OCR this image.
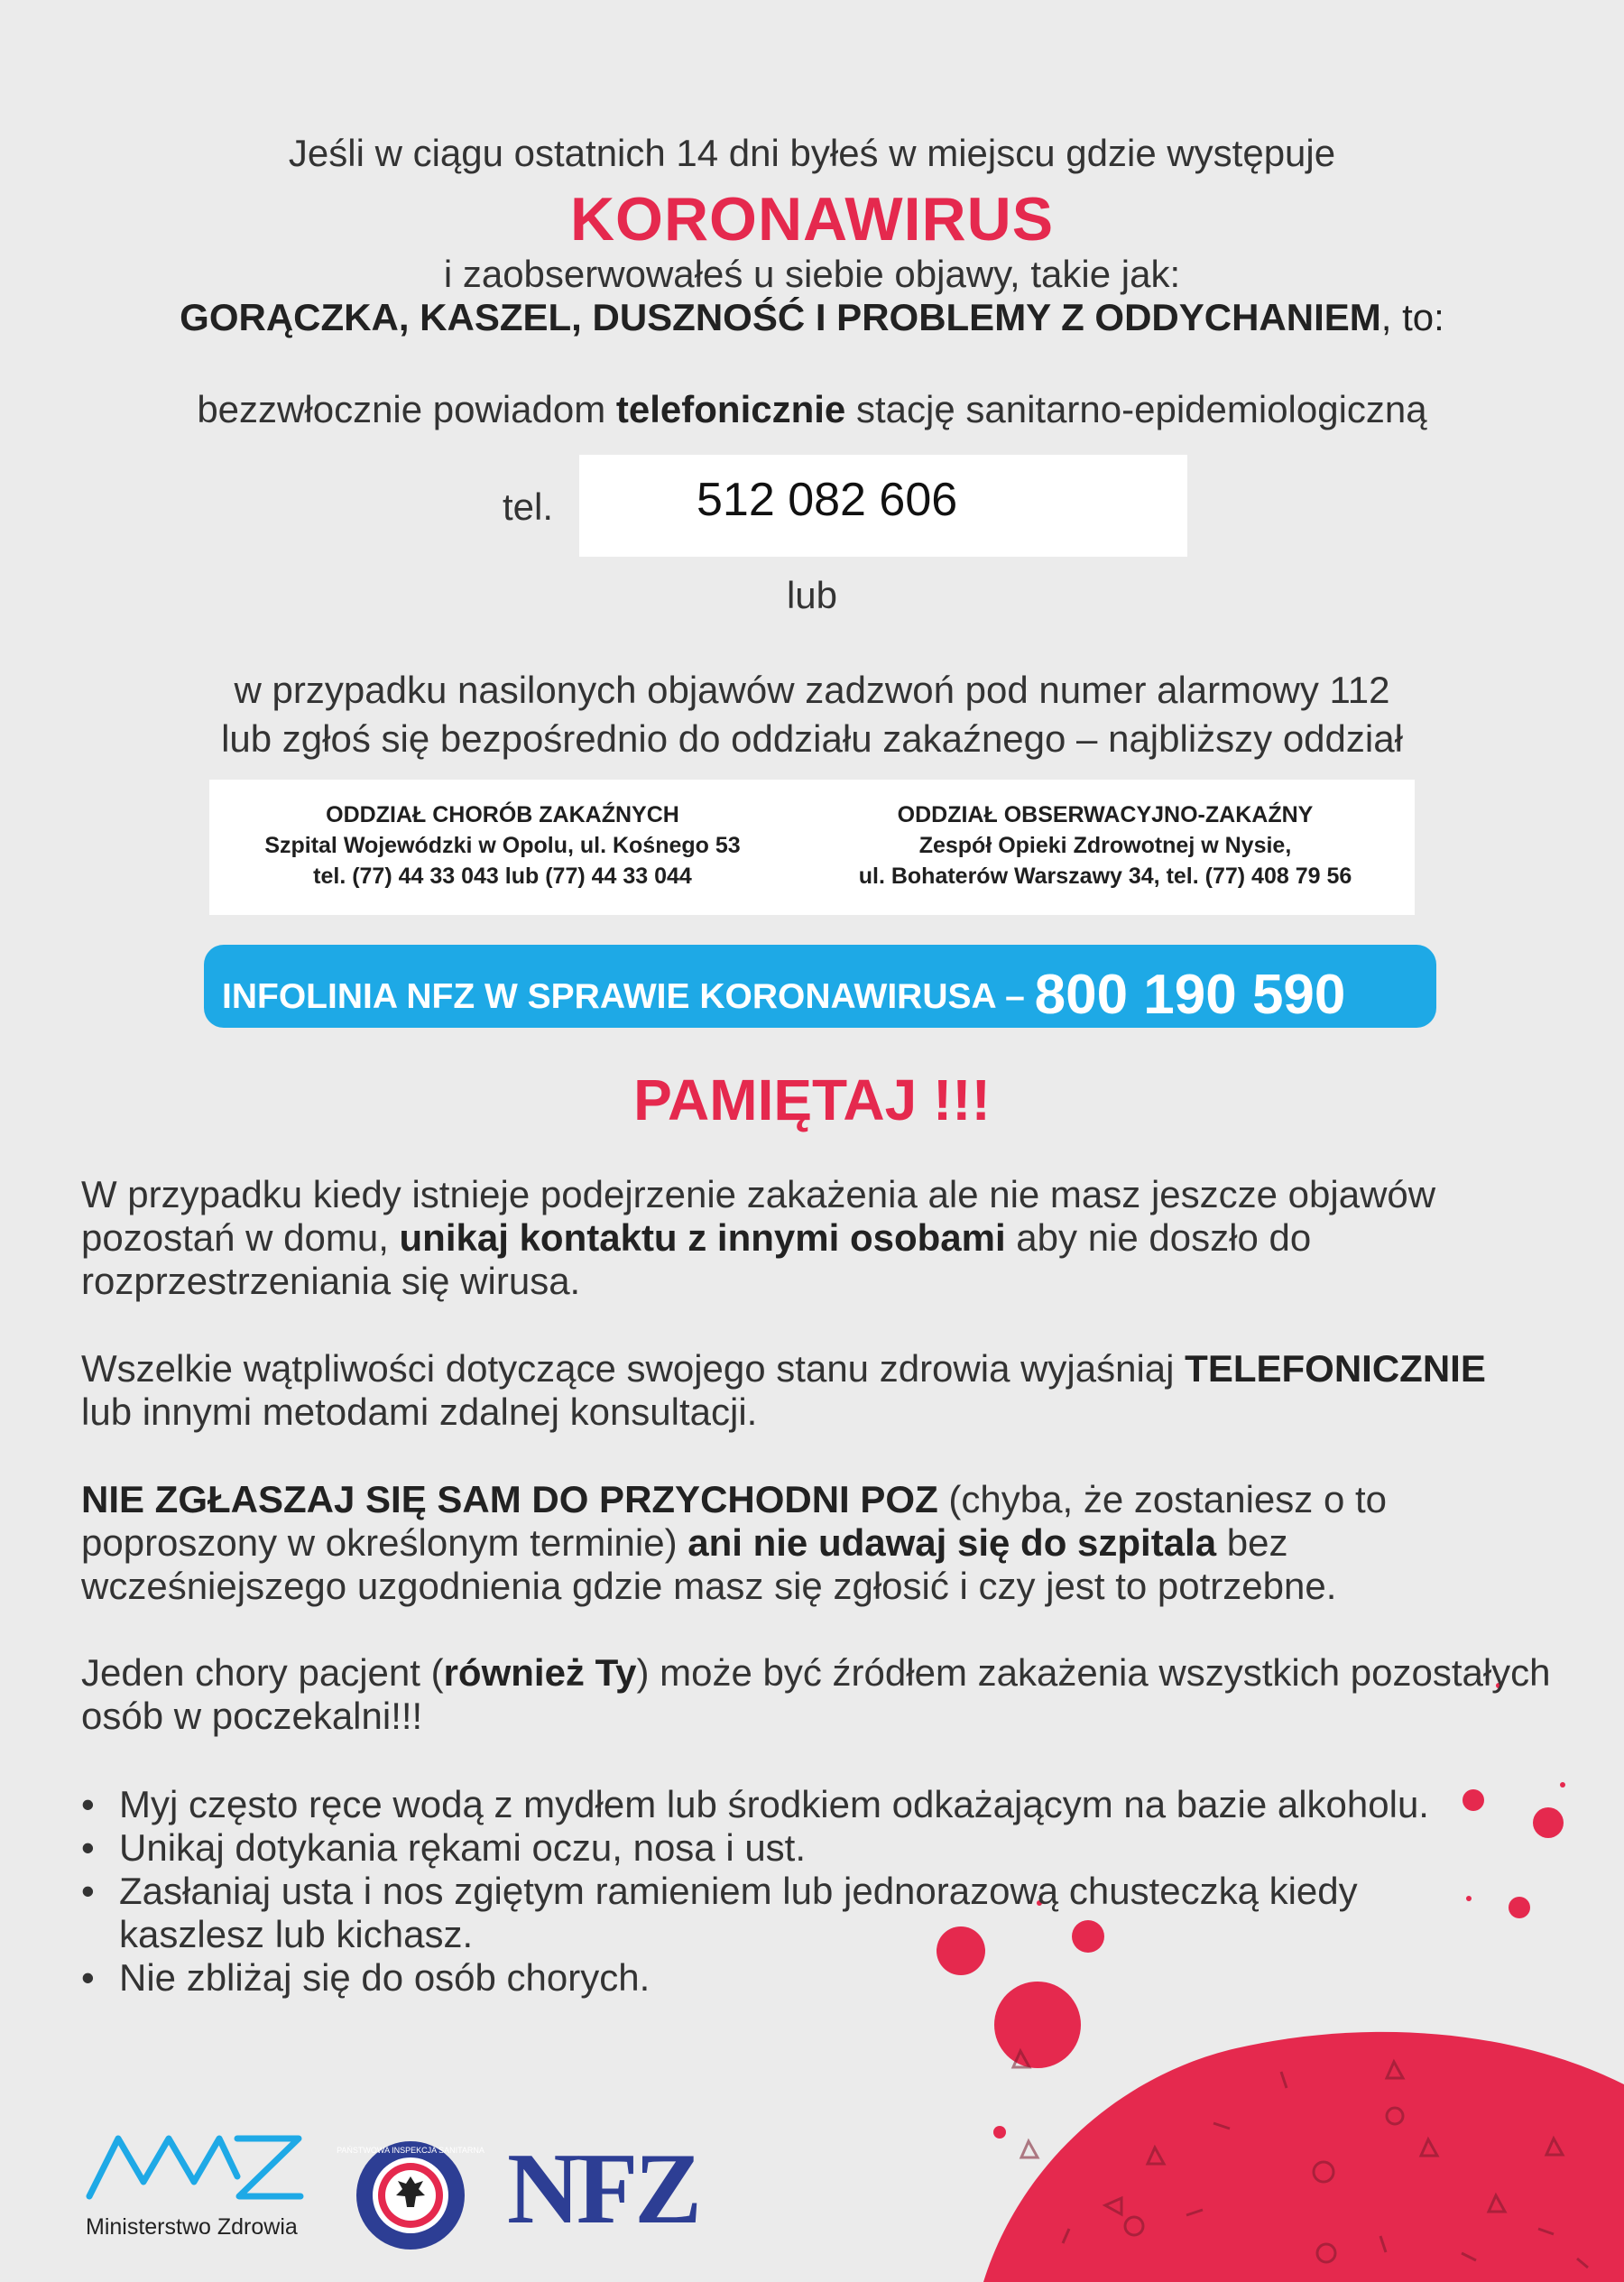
Jeśli w ciągu ostatnich 14 dni byłeś w miejscu gdzie występuje
KORONAWIRUS
i zaobserwowałeś u siebie objawy, takie jak:
GORĄCZKA, KASZEL, DUSZNOŚĆ I PROBLEMY Z ODDYCHANIEM, to:
bezzwłocznie powiadom telefonicznie stację sanitarno-epidemiologiczną
tel.	512 082 606
lub
w przypadku nasilonych objawów zadzwoń pod numer alarmowy 112
lub zgłoś się bezpośrednio do oddziału zakaźnego – najbliższy oddział
ODDZIAŁ CHORÓB ZAKAŹNYCH
Szpital Wojewódzki w Opolu, ul. Kośnego 53
tel. (77) 44 33 043 lub (77) 44 33 044
ODDZIAŁ OBSERWACYJNO-ZAKAŹNY
Zespół Opieki Zdrowotnej w Nysie,
ul. Bohaterów Warszawy 34, tel. (77) 408 79 56
INFOLINIA NFZ W SPRAWIE KORONAWIRUSA – 800 190 590
PAMIĘTAJ !!!
W przypadku kiedy istnieje podejrzenie zakażenia ale nie masz jeszcze objawów pozostań w domu, unikaj kontaktu z innymi osobami aby nie doszło do rozprzestrzeniania się wirusa.
Wszelkie wątpliwości dotyczące swojego stanu zdrowia wyjaśniaj TELEFONICZNIE
lub innymi metodami zdalnej konsultacji.
NIE ZGŁASZAJ SIĘ SAM DO PRZYCHODNI POZ (chyba, że zostaniesz o to poproszony w określonym terminie) ani nie udawaj się do szpitala bez wcześniejszego uzgodnienia gdzie masz się zgłosić i czy jest to potrzebne.
Jeden chory pacjent (również Ty) może być źródłem zakażenia wszystkich pozostałych osób w poczekalni!!!
• Myj często ręce wodą z mydłem lub środkiem odkażającym na bazie alkoholu.
• Unikaj dotykania rękami oczu, nosa i ust.
• Zasłaniaj usta i nos zgiętym ramieniem lub jednorazową chusteczką kiedy kaszlesz lub kichasz.
• Nie zbliżaj się do osób chorych.
Ministerstwo Zdrowia
PAŃSTWOWA INSPEKCJA SANITARNA NFZ
